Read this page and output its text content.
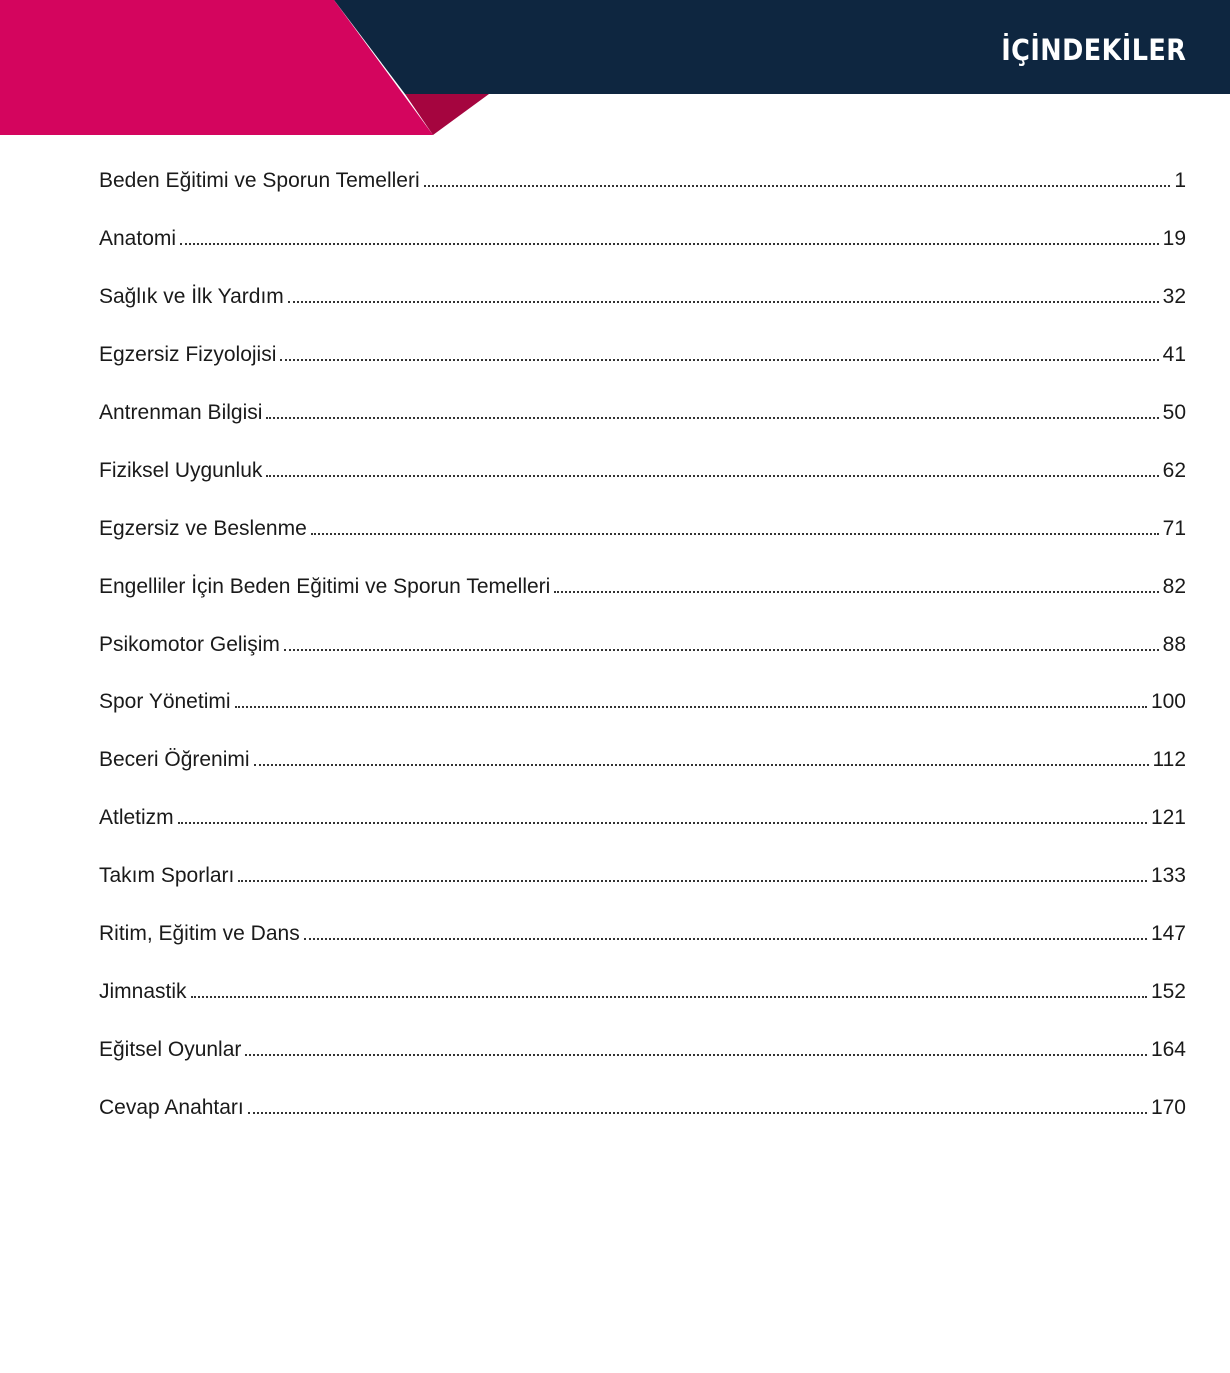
İÇİNDEKİLER
Beden Eğitimi ve Sporun Temelleri	1
Anatomi	19
Sağlık ve İlk Yardım	32
Egzersiz Fizyolojisi	41
Antrenman Bilgisi	50
Fiziksel Uygunluk	62
Egzersiz ve Beslenme	71
Engelliler İçin Beden Eğitimi ve Sporun Temelleri	82
Psikomotor Gelişim	88
Spor Yönetimi	100
Beceri Öğrenimi	112
Atletizm	121
Takım Sporları	133
Ritim, Eğitim ve Dans	147
Jimnastik	152
Eğitsel Oyunlar	164
Cevap Anahtarı	170
